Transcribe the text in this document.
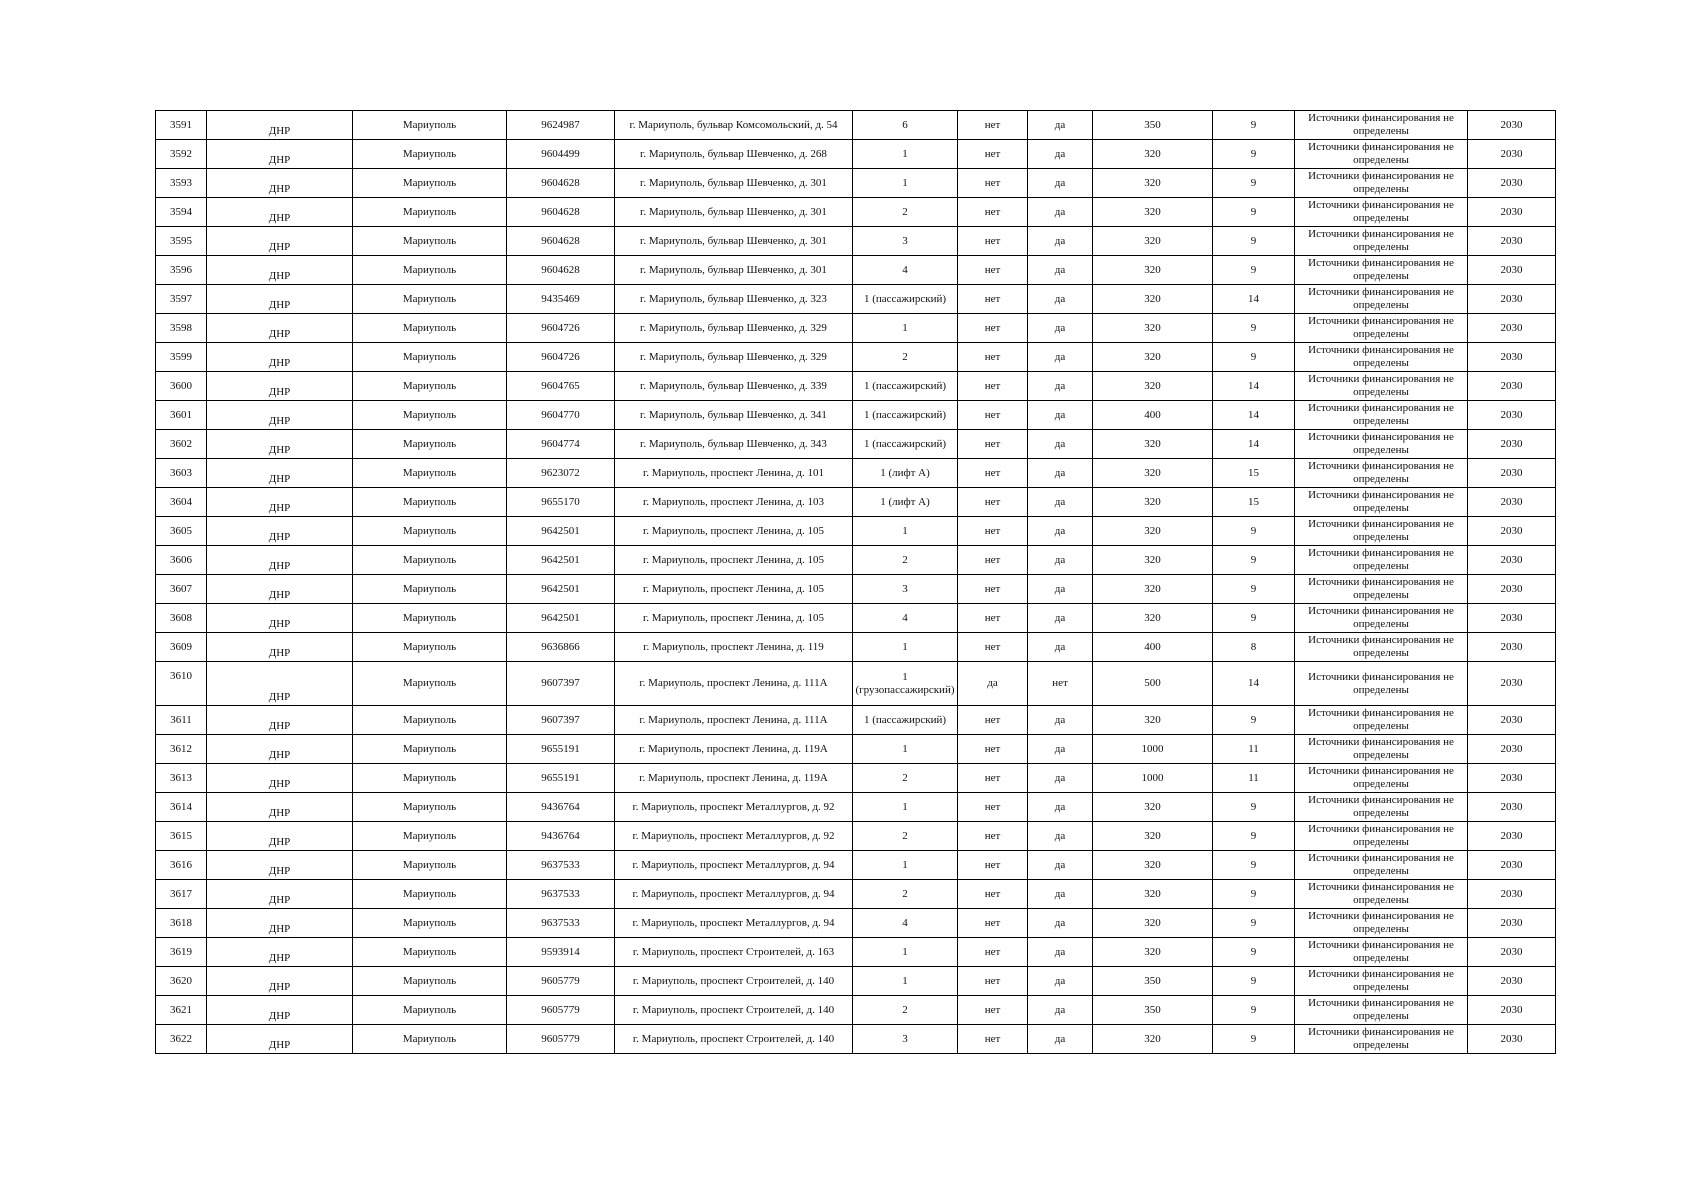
3591	ДНР	Мариуполь	9624987	г. Мариуполь, бульвар Комсомольский, д. 54	6	нет	да	350	9	Источники финансирования не определены	2030
3592	ДНР	Мариуполь	9604499	г. Мариуполь, бульвар Шевченко, д. 268	1	нет	да	320	9	Источники финансирования не определены	2030
3593	ДНР	Мариуполь	9604628	г. Мариуполь, бульвар Шевченко, д. 301	1	нет	да	320	9	Источники финансирования не определены	2030
3594	ДНР	Мариуполь	9604628	г. Мариуполь, бульвар Шевченко, д. 301	2	нет	да	320	9	Источники финансирования не определены	2030
3595	ДНР	Мариуполь	9604628	г. Мариуполь, бульвар Шевченко, д. 301	3	нет	да	320	9	Источники финансирования не определены	2030
3596	ДНР	Мариуполь	9604628	г. Мариуполь, бульвар Шевченко, д. 301	4	нет	да	320	9	Источники финансирования не определены	2030
3597	ДНР	Мариуполь	9435469	г. Мариуполь, бульвар Шевченко, д. 323	1 (пассажирский)	нет	да	320	14	Источники финансирования не определены	2030
3598	ДНР	Мариуполь	9604726	г. Мариуполь, бульвар Шевченко, д. 329	1	нет	да	320	9	Источники финансирования не определены	2030
3599	ДНР	Мариуполь	9604726	г. Мариуполь, бульвар Шевченко, д. 329	2	нет	да	320	9	Источники финансирования не определены	2030
3600	ДНР	Мариуполь	9604765	г. Мариуполь, бульвар Шевченко, д. 339	1 (пассажирский)	нет	да	320	14	Источники финансирования не определены	2030
3601	ДНР	Мариуполь	9604770	г. Мариуполь, бульвар Шевченко, д. 341	1 (пассажирский)	нет	да	400	14	Источники финансирования не определены	2030
3602	ДНР	Мариуполь	9604774	г. Мариуполь, бульвар Шевченко, д. 343	1 (пассажирский)	нет	да	320	14	Источники финансирования не определены	2030
3603	ДНР	Мариуполь	9623072	г. Мариуполь, проспект Ленина, д. 101	1 (лифт А)	нет	да	320	15	Источники финансирования не определены	2030
3604	ДНР	Мариуполь	9655170	г. Мариуполь, проспект Ленина, д. 103	1 (лифт А)	нет	да	320	15	Источники финансирования не определены	2030
3605	ДНР	Мариуполь	9642501	г. Мариуполь, проспект Ленина, д. 105	1	нет	да	320	9	Источники финансирования не определены	2030
3606	ДНР	Мариуполь	9642501	г. Мариуполь, проспект Ленина, д. 105	2	нет	да	320	9	Источники финансирования не определены	2030
3607	ДНР	Мариуполь	9642501	г. Мариуполь, проспект Ленина, д. 105	3	нет	да	320	9	Источники финансирования не определены	2030
3608	ДНР	Мариуполь	9642501	г. Мариуполь, проспект Ленина, д. 105	4	нет	да	320	9	Источники финансирования не определены	2030
3609	ДНР	Мариуполь	9636866	г. Мариуполь, проспект Ленина, д. 119	1	нет	да	400	8	Источники финансирования не определены	2030
3610	ДНР	Мариуполь	9607397	г. Мариуполь, проспект Ленина, д. 111А	1 (грузопассажирский)	да	нет	500	14	Источники финансирования не определены	2030
3611	ДНР	Мариуполь	9607397	г. Мариуполь, проспект Ленина, д. 111А	1 (пассажирский)	нет	да	320	9	Источники финансирования не определены	2030
3612	ДНР	Мариуполь	9655191	г. Мариуполь, проспект Ленина, д. 119А	1	нет	да	1000	11	Источники финансирования не определены	2030
3613	ДНР	Мариуполь	9655191	г. Мариуполь, проспект Ленина, д. 119А	2	нет	да	1000	11	Источники финансирования не определены	2030
3614	ДНР	Мариуполь	9436764	г. Мариуполь, проспект Металлургов, д. 92	1	нет	да	320	9	Источники финансирования не определены	2030
3615	ДНР	Мариуполь	9436764	г. Мариуполь, проспект Металлургов, д. 92	2	нет	да	320	9	Источники финансирования не определены	2030
3616	ДНР	Мариуполь	9637533	г. Мариуполь, проспект Металлургов, д. 94	1	нет	да	320	9	Источники финансирования не определены	2030
3617	ДНР	Мариуполь	9637533	г. Мариуполь, проспект Металлургов, д. 94	2	нет	да	320	9	Источники финансирования не определены	2030
3618	ДНР	Мариуполь	9637533	г. Мариуполь, проспект Металлургов, д. 94	4	нет	да	320	9	Источники финансирования не определены	2030
3619	ДНР	Мариуполь	9593914	г. Мариуполь, проспект Строителей, д. 163	1	нет	да	320	9	Источники финансирования не определены	2030
3620	ДНР	Мариуполь	9605779	г. Мариуполь, проспект Строителей, д. 140	1	нет	да	350	9	Источники финансирования не определены	2030
3621	ДНР	Мариуполь	9605779	г. Мариуполь, проспект Строителей, д. 140	2	нет	да	350	9	Источники финансирования не определены	2030
3622	ДНР	Мариуполь	9605779	г. Мариуполь, проспект Строителей, д. 140	3	нет	да	320	9	Источники финансирования не определены	2030
